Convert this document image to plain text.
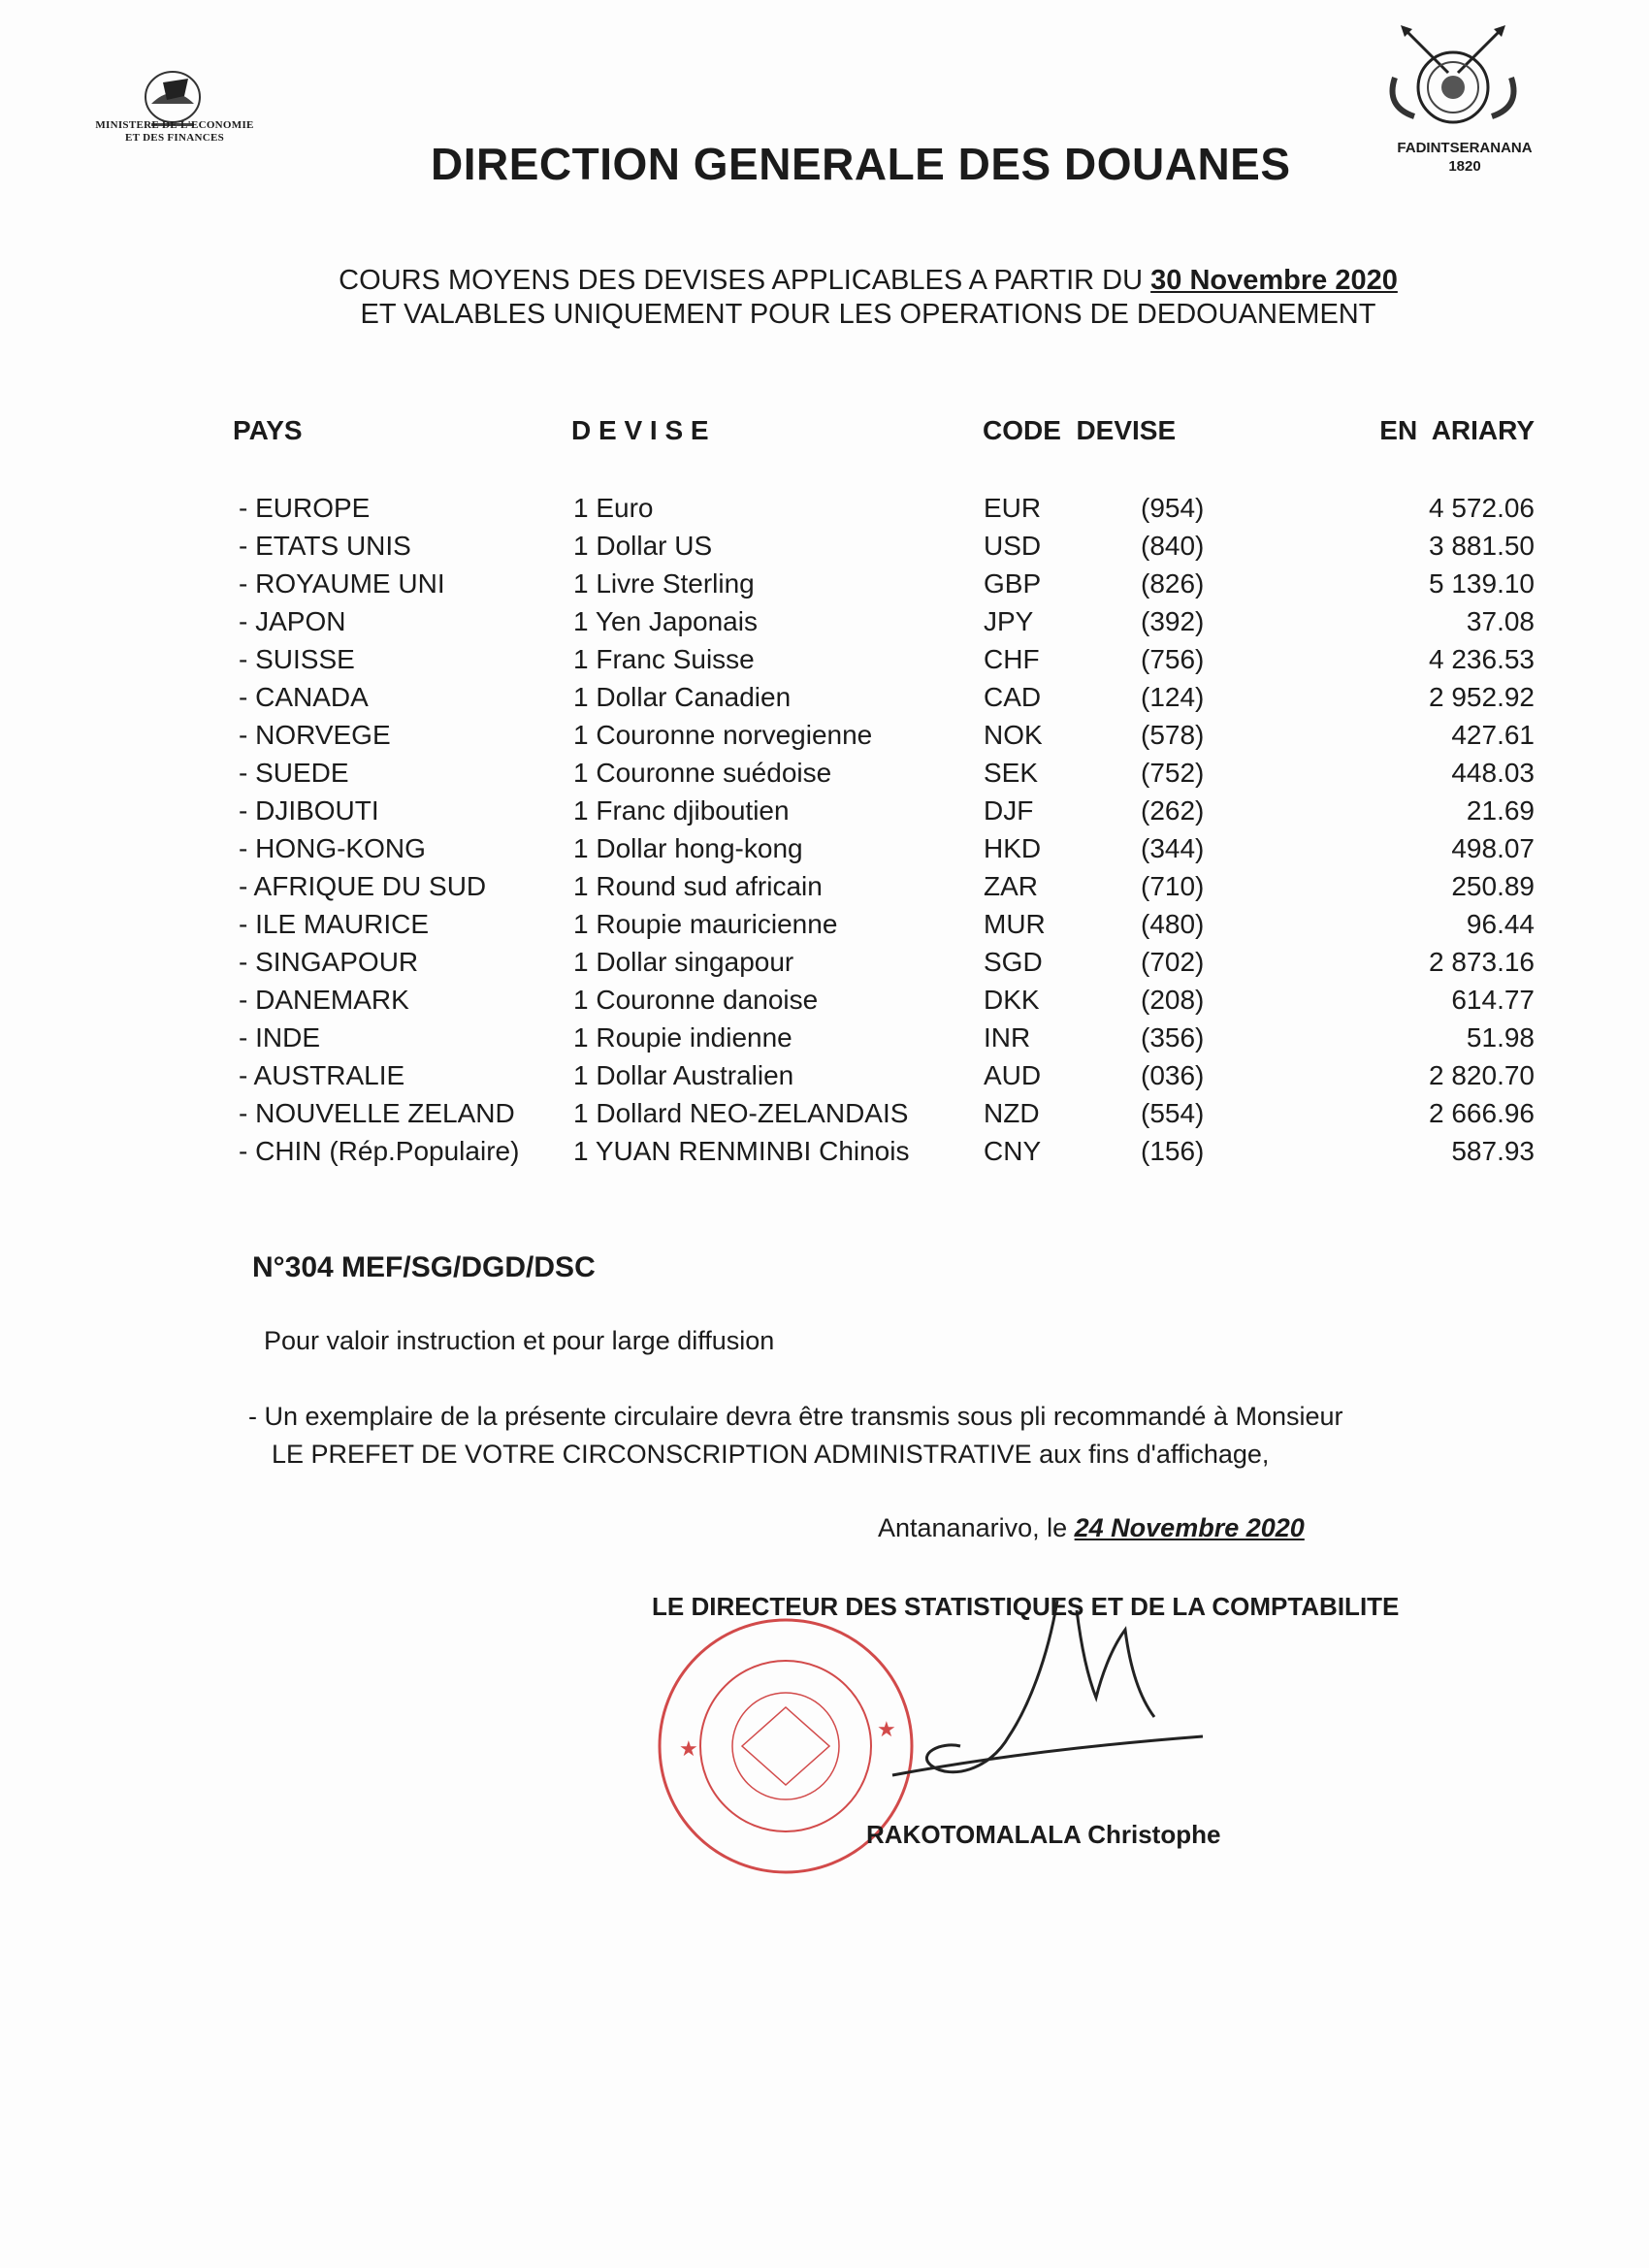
MINISTERE DE L'ECONOMIE
ET DES FINANCES
DIRECTION GENERALE DES DOUANES	FADINTSERANANA
1820
COURS MOYENS DES DEVISES APPLICABLES A PARTIR DU 30 Novembre 2020
ET VALABLES UNIQUEMENT POUR LES OPERATIONS DE DEDOUANEMENT
PAYS	D E V I S E	CODE  DEVISE	EN  ARIARY
- EUROPE	1 Euro	EUR	(954)	4 572.06
- ETATS UNIS	1 Dollar US	USD	(840)	3 881.50
- ROYAUME UNI	1 Livre Sterling	GBP	(826)	5 139.10
- JAPON	1 Yen Japonais	JPY	(392)	37.08
- SUISSE	1 Franc Suisse	CHF	(756)	4 236.53
- CANADA	1 Dollar Canadien	CAD	(124)	2 952.92
- NORVEGE	1 Couronne norvegienne	NOK	(578)	427.61
- SUEDE	1 Couronne suédoise	SEK	(752)	448.03
- DJIBOUTI	1 Franc djiboutien	DJF	(262)	21.69
- HONG-KONG	1 Dollar hong-kong	HKD	(344)	498.07
- AFRIQUE DU SUD	1 Round sud africain	ZAR	(710)	250.89
- ILE MAURICE	1 Roupie mauricienne	MUR	(480)	96.44
- SINGAPOUR	1 Dollar singapour	SGD	(702)	2 873.16
- DANEMARK	1 Couronne danoise	DKK	(208)	614.77
- INDE	1 Roupie indienne	INR	(356)	51.98
- AUSTRALIE	1 Dollar Australien	AUD	(036)	2 820.70
- NOUVELLE ZELAND 1 Dollard NEO-ZELANDAIS	NZD	(554)	2 666.96
- CHIN (Rép.Populaire) 1 YUAN RENMINBI Chinois	CNY	(156)	587.93
N°304 MEF/SG/DGD/DSC
Pour valoir instruction et pour large diffusion
- Un exemplaire de la présente circulaire devra être transmis sous pli recommandé à Monsieur
LE PREFET DE VOTRE CIRCONSCRIPTION ADMINISTRATIVE aux fins d'affichage,
Antananarivo, le 24 Novembre 2020
★
★
LE DIRECTEUR DES STATISTIQUES ET DE LA COMPTABILITE
RAKOTOMALALA Christophe
